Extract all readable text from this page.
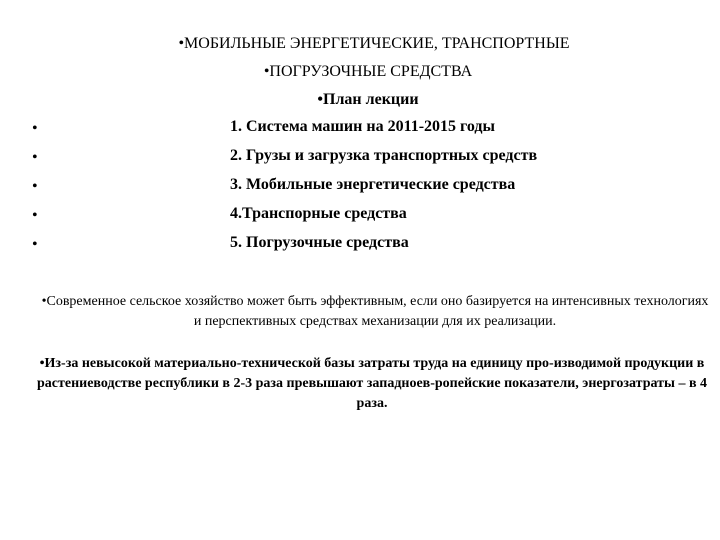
•МОБИЛЬНЫЕ ЭНЕРГЕТИЧЕСКИЕ, ТРАНСПОРТНЫЕ
•ПОГРУЗОЧНЫЕ СРЕДСТВА
•План лекции
•	1. Система машин на 2011-2015 годы
•	2. Грузы и загрузка транспортных средств
•	3. Мобильные энергетические средства
•	4.Транспорные средства
•	5. Погрузочные средства
•Современное сельское хозяйство может быть эффективным, если оно базируется на интенсивных технологиях и перспективных средствах механизации для их реализации.
•Из-за невысокой материально-технической базы затраты труда на единицу про-изводимой продукции в растениеводстве республики в 2-3 раза превышают западноев-ропейские показатели, энергозатраты – в 4 раза.
